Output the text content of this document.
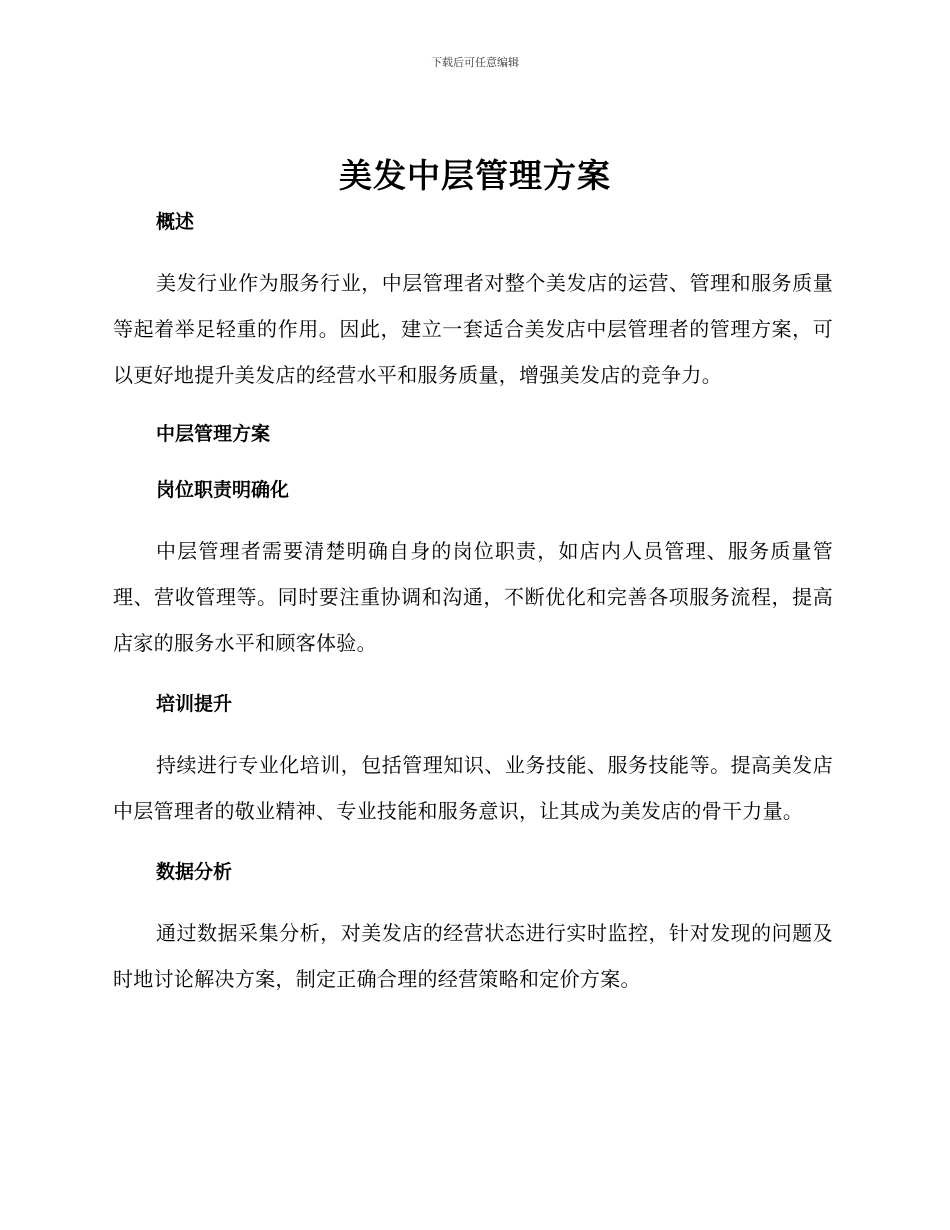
下载后可任意编辑
美发中层管理方案
概述

美发行业作为服务行业，中层管理者对整个美发店的运营、管理和服务质量等起着举足轻重的作用。因此，建立一套适合美发店中层管理者的管理方案，可以更好地提升美发店的经营水平和服务质量，增强美发店的竞争力。

中层管理方案
岗位职责明确化

中层管理者需要清楚明确自身的岗位职责，如店内人员管理、服务质量管理、营收管理等。同时要注重协调和沟通，不断优化和完善各项服务流程，提高店家的服务水平和顾客体验。

培训提升

持续进行专业化培训，包括管理知识、业务技能、服务技能等。提高美发店中层管理者的敬业精神、专业技能和服务意识，让其成为美发店的骨干力量。

数据分析

通过数据采集分析，对美发店的经营状态进行实时监控，针对发现的问题及时地讨论解决方案，制定正确合理的经营策略和定价方案。
